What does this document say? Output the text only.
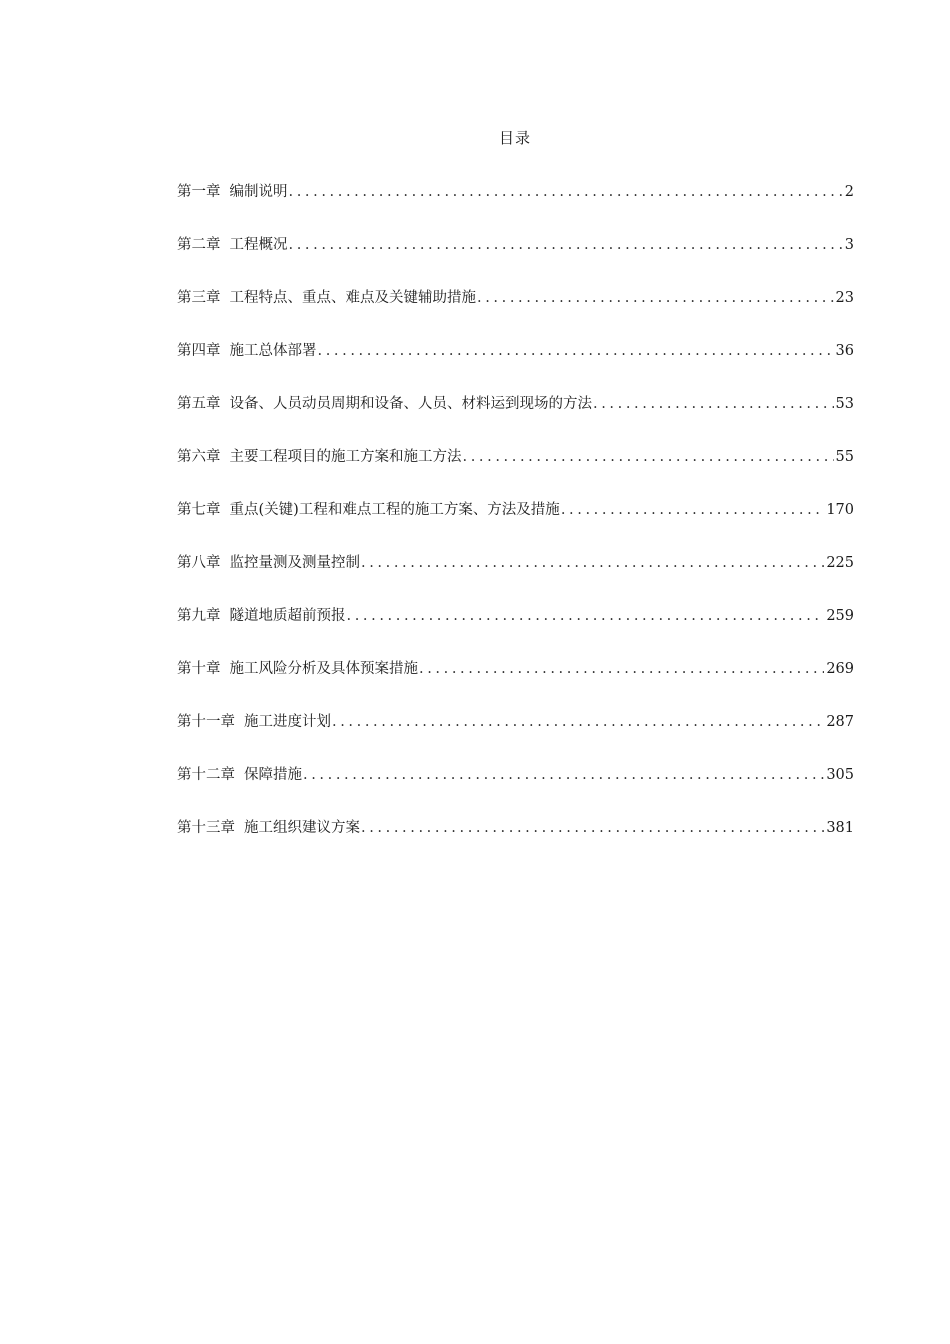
目录
第一章 编制说明 .....	2
第二章 工程概况 .....	3
第三章 工程特点、重点、难点及关键辅助措施 .....	23
第四章 施工总体部署 .....	36
第五章 设备、人员动员周期和设备、人员、材料运到现场的方法 .....	53
第六章 主要工程项目的施工方案和施工方法 .....	55
第七章 重点(关键)工程和难点工程的施工方案、方法及措施 .....	170
第八章 监控量测及测量控制 .....	225
第九章 隧道地质超前预报 .....	259
第十章 施工风险分析及具体预案措施 .....	269
第十一章 施工进度计划 .....	287
第十二章 保障措施 .....	305
第十三章 施工组织建议方案 .....	381
